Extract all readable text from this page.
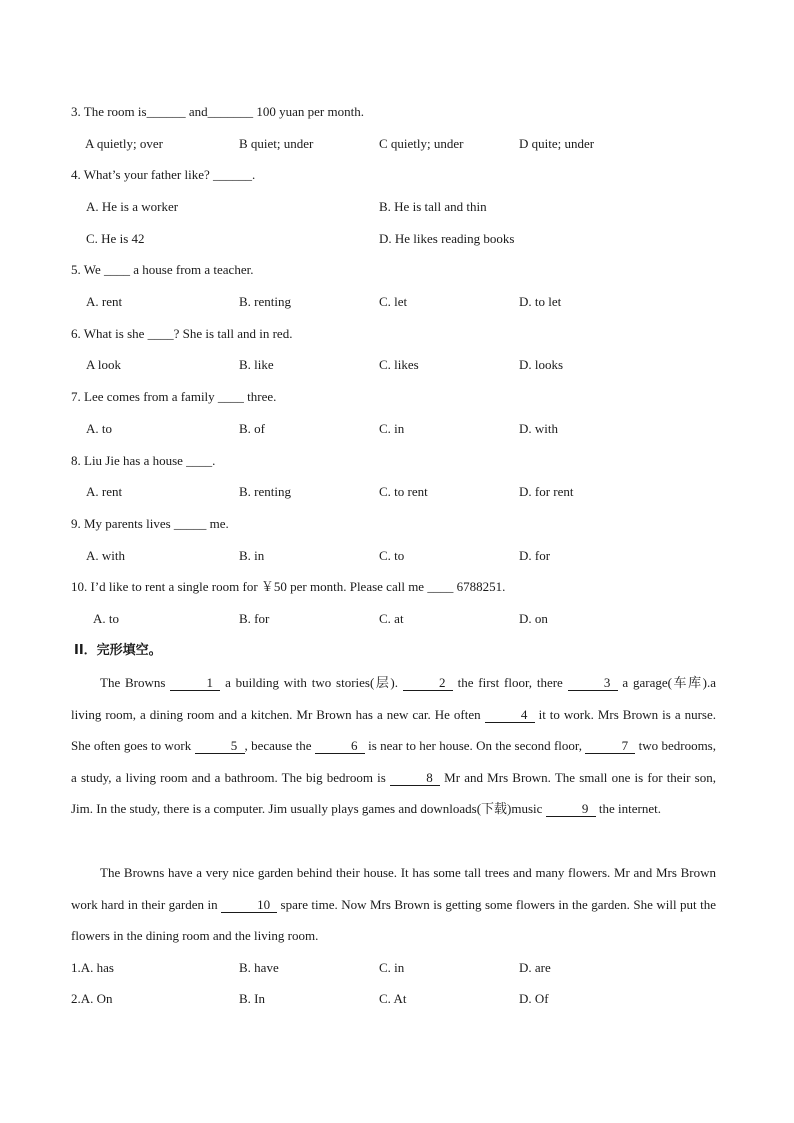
3. The room is______ and_______ 100 yuan per month.
A quietly; over	B quiet; under	C quietly; under	D quite; under
4. What’s your father like? ______.
A. He is a worker	B. He is tall and thin
C. He is 42	D. He likes reading books
5. We ____ a house from a teacher.
A. rent	B. renting	C. let	D. to let
6. What is she ____? She is tall and in red.
A look	B. like	C. likes	D. looks
7. Lee comes from a family ____ three.
A. to	B. of	C. in	D. with
8. Liu Jie has a house ____.
A. rent	B. renting	C. to rent	D. for rent
9. My parents lives _____ me.
A. with	B. in	C. to	D. for
10. I’d like to rent a single room for ￥50 per month. Please call me ____ 6788251.
A. to	B. for	C. at	D. on
II．完形填空。
The Browns	1 a building with two stories(层).	2 the first floor, there	3 a garage(车库).a living room, a dining room and a kitchen. Mr Brown has a new car. He often	4 it to work. Mrs Brown is a nurse. She often goes to work	5 , because the	6 is near to her house. On the second floor,	7 two bedrooms, a study, a living room and a bathroom. The big bedroom is	8 Mr and Mrs Brown. The small one is for their son, Jim. In the study, there is a computer. Jim usually plays games and downloads(下载)music	9 the internet.
The Browns have a very nice garden behind their house. It has some tall trees and many flowers. Mr and Mrs Brown work hard in their garden in	10 spare time. Now Mrs Brown is getting some flowers in the garden. She will put the flowers in the dining room and the living room.
1.A. has	B. have	C. in	D. are
2.A. On	B. In	C. At	D. Of
